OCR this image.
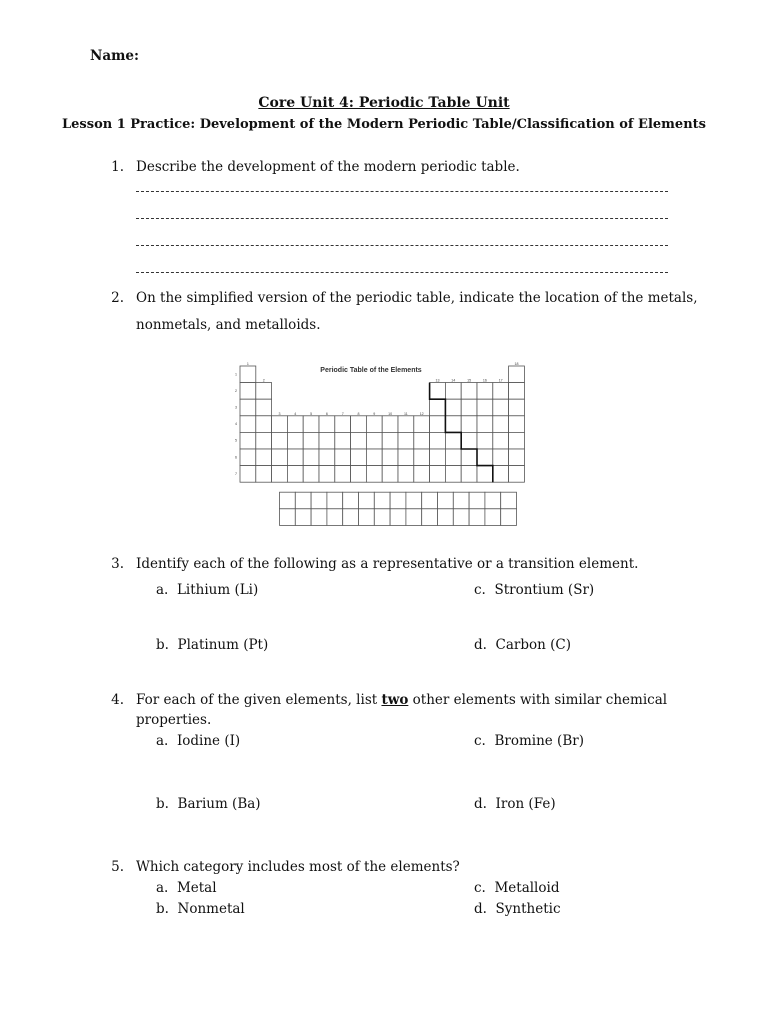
Name:
Core Unit 4: Periodic Table Unit
Lesson 1 Practice: Development of the Modern Periodic Table/Classification of Elements
1. Describe the development of the modern periodic table.
2. On the simplified version of the periodic table, indicate the location of the metals,
nonmetals, and metalloids.
Periodic Table of the Elements
1
2
3
4
5
6
7
1
2
3	4	5	6	7	8	9	10	11	12
13	14	15	16	17
18
3. Identify each of the following as a representative or a transition element.
a. Lithium (Li)
b. Platinum (Pt)
c. Strontium (Sr)
d. Carbon (C)
4. For each of the given elements, list two other elements with similar chemical
properties.
a. Iodine (I)
b. Barium (Ba)
c. Bromine (Br)
d. Iron (Fe)
5. Which category includes most of the elements?
a. Metal
b. Nonmetal
c. Metalloid
d. Synthetic
